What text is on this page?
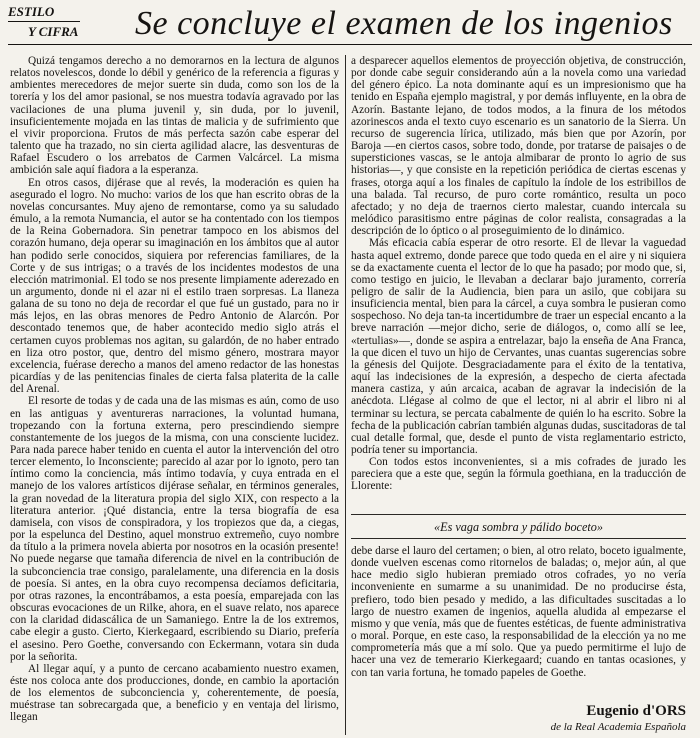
ESTILO
Y CIFRA	Se concluye el examen de los ingenios

Quizá tengamos derecho a no demorarnos en la lectura de algunos relatos novelescos, donde lo débil y genérico de la referencia a figuras y ambientes merecedores de mejor suerte sin duda, como son los de la torería y los del amor pasional, se nos muestra todavía agravado por las vacilaciones de una pluma juvenil y, sin duda, por lo juvenil, insuficientemente mojada en las tintas de malicia y de sufrimiento que el vivir proporciona. Frutos de más perfecta sazón cabe esperar del talento que ha trazado, no sin cierta agilidad alacre, las desventuras de Rafael Escudero o los arrebatos de Carmen Valcárcel. La misma ambición sale aquí fiadora a la esperanza.

En otros casos, dijérase que al revés, la moderación es quien ha asegurado el logro. No mucho: varios de los que han escrito obras de la novelas concursantes. Muy ajeno de remontarse, como ya su saludado émulo, a la remota Numancia, el autor se ha contentado con los tiempos de la Reina Gobernadora. Sin penetrar tampoco en los abismos del corazón humano, deja operar su imaginación en los ámbitos que al autor han podido serle conocidos, siquiera por referencias familiares, de la Corte y de sus intrigas; o a través de los incidentes modestos de una elección matrimonial. El todo se nos presente limpiamente aderezado en un argumento, donde ni el azar ni el estilo traen sorpresas. La llaneza galana de su tono no deja de recordar el que fué un gustado, para no ir más lejos, en las obras menores de Pedro Antonio de Alarcón. Por descontado tenemos que, de haber acontecido medio siglo atrás el certamen cuyos problemas nos agitan, su galardón, de no haber entrado en liza otro postor, que, dentro del mismo género, mostrara mayor excelencia, fuérase derecho a manos del ameno redactor de las honestas picardías y de las penitencias finales de cierta falsa platerita de la calle del Arenal.

El resorte de todas y de cada una de las mismas es aún, como de uso en las antiguas y aventureras narraciones, la voluntad humana, tropezando con la fortuna externa, pero prescindiendo siempre constantemente de los juegos de la misma, con una consciente lucidez. Para nada parece haber tenido en cuenta el autor la intervención del otro tercer elemento, lo Inconsciente; parecido al azar por lo ignoto, pero tan íntimo como la conciencia, más íntimo todavía, y cuya entrada en el manejo de los valores artísticos dijérase señalar, en términos generales, la gran novedad de la literatura propia del siglo XIX, con respecto a la literatura anterior. ¡Qué distancia, entre la tersa biografía de esa damisela, con visos de conspiradora, y los tropiezos que da, a ciegas, por la espelunca del Destino, aquel monstruo extremeño, cuyo nombre da título a la primera novela abierta por nosotros en la ocasión presente! No puede negarse que tamaña diferencia de nivel en la contribución de la subconciencia trae consigo, paralelamente, una diferencia en la dosis de poesía. Si antes, en la obra cuyo recompensa decíamos deficitaria, por otras razones, la encontrábamos, a esta poesía, emparejada con las obscuras evocaciones de un Rilke, ahora, en el suave relato, nos aparece con la claridad didascálica de un Samaniego. Entre la de los extremos, cabe elegir a gusto. Cierto, Kierkegaard, escribiendo su Diario, prefería el asesino. Pero Goethe, conversando con Eckermann, votara sin duda por la señorita.

Al llegar aquí, y a punto de cercano acabamiento nuestro examen, éste nos coloca ante dos producciones, donde, en cambio la aportación de los elementos de subconciencia y, coherentemente, de poesía, muéstrase tan sobrecargada que, a beneficio y en ventaja del lirismo, llegan

a desparecer aquellos elementos de proyección objetiva, de construcción, por donde cabe seguir considerando aún a la novela como una variedad del género épico. La nota dominante aquí es un impresionismo que ha tenido en España ejemplo magistral, y por demás influyente, en la obra de Azorín. Bastante lejano, de todos modos, a la finura de los métodos azorinescos anda el texto cuyo escenario es un sanatorio de la Sierra. Un recurso de sugerencia lírica, utilizado, más bien que por Azorín, por Baroja —en ciertos casos, sobre todo, donde, por tratarse de paisajes o de supersticiones vascas, se le antoja almibarar de pronto lo agrio de sus historias—, y que consiste en la repetición periódica de ciertas escenas y frases, otorga aquí a los finales de capítulo la índole de los estribillos de una balada. Tal recurso, de puro corte romántico, resulta un poco afectado; y no deja de traernos cierto malestar, cuando intercala su melódico parasitismo entre páginas de color realista, consagradas a la descripción de lo óptico o al proseguimiento de lo dinámico.

Más eficacia cabía esperar de otro resorte. El de llevar la vaguedad hasta aquel extremo, donde parece que todo queda en el aire y ni siquiera se da exactamente cuenta el lector de lo que ha pasado; por modo que, si, como testigo en juicio, le llevaban a declarar bajo juramento, correría peligro de salir de la Audiencia, bien para un asilo, que cobijara su insuficiencia mental, bien para la cárcel, a cuya sombra le pusieran como sospechoso. No deja tan-ta incertidumbre de traer un especial encanto a la breve narración —mejor dicho, serie de diálogos, o, como allí se lee, «tertulias»—, donde se aspira a entrelazar, bajo la enseña de Ana Franca, la que dicen el tuvo un hijo de Cervantes, unas cuantas sugerencias sobre la génesis del Quijote. Desgraciadamente para el éxito de la tentativa, aquí las indecisiones de la expresión, a despecho de cierta afectada manera castiza, y aún arcaica, acaban de agravar la indecisión de la anécdota. Llégase al colmo de que el lector, ni al abrir el libro ni al terminar su lectura, se percata cabalmente de quién lo ha escrito. Sobre la fecha de la publicación cabrían también algunas dudas, suscitadoras de tal cual detalle formal, que, desde el punto de vista reglamentario estricto, podría tener su importancia.

Con todos estos inconvenientes, si a mis cofrades de jurado les pareciera que a este que, según la fórmula goethiana, en la traducción de Llorente:

«Es vaga sombra y pálido boceto»

debe darse el lauro del certamen; o bien, al otro relato, boceto igualmente, donde vuelven escenas como ritornelos de baladas; o, mejor aún, al que hace medio siglo hubieran premiado otros cofrades, yo no vería inconveniente en sumarme a su unanimidad. De no producirse ésta, prefiero, todo bien pesado y medido, a las dificultades suscitadas a lo largo de nuestro examen de ingenios, aquella aludida al empezarse el mismo y que venía, más que de fuentes estéticas, de fuente administrativa o moral. Porque, en este caso, la responsabilidad de la elección ya no me comprometería más que a mí solo. Que ya puedo permitirme el lujo de hacer una vez de temerario Kierkegaard; cuando en tantas ocasiones, y con tan varia fortuna, he tomado papeles de Goethe.

Eugenio d'ORS
de la Real Academia Española
